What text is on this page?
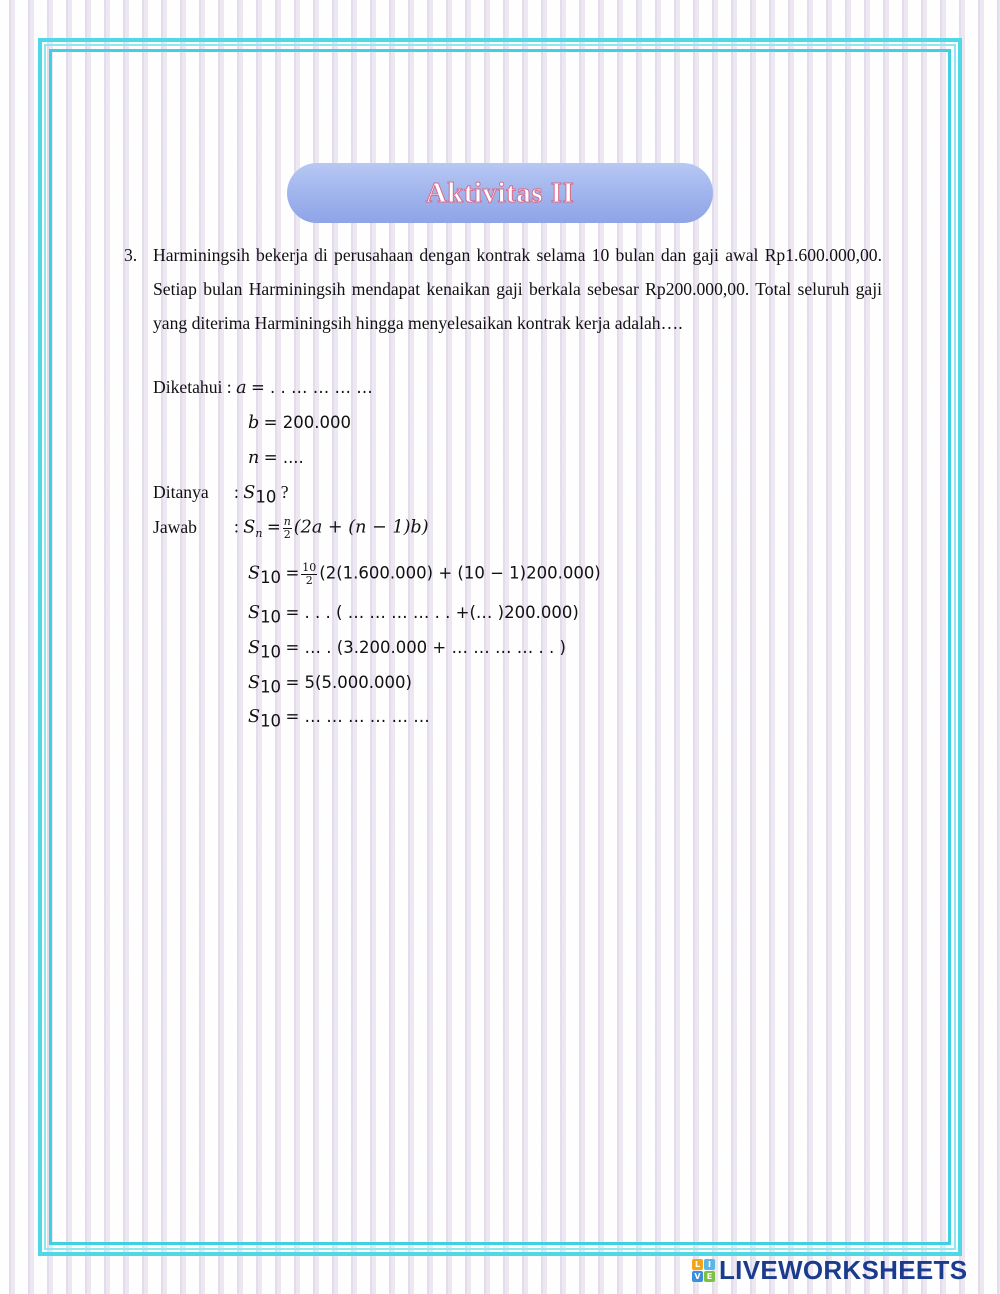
Aktivitas II
3. Harminingsih bekerja di perusahaan dengan kontrak selama 10 bulan dan gaji awal Rp1.600.000,00. Setiap bulan Harminingsih mendapat kenaikan gaji berkala sebesar Rp200.000,00. Total seluruh gaji yang diterima Harminingsih hingga menyelesaikan kontrak kerja adalah….
Diketahui : a = . . … … … …
b = 200.000
n = ....
Ditanya : $S_{10}$ ?
Jawab : $S_n = \frac{n}{2} (2a + (n - 1)b)$
$S_{10} = \frac{10}{2} (2(1.600.000) + (10 - 1)200.000)$
$S_{10}$ = . . . ( … … … … . . +(… )200.000)
$S_{10}$ = … . (3.200.000 + … … … … . . )
$S_{10} = 5(5.000.000)$
$S_{10}$ = … … … … … …
L I
V E LIVEWORKSHEETS
